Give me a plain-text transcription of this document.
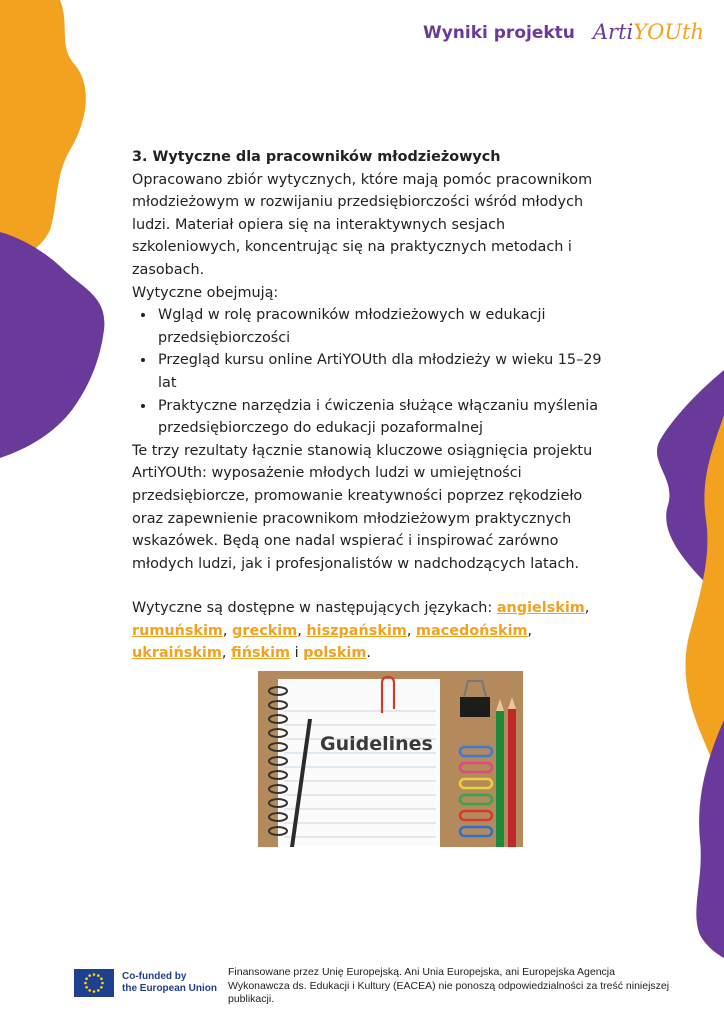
Wyniki projektu ArtiYOUth

3. Wytyczne dla pracowników młodzieżowych

Opracowano zbiór wytycznych, które mają pomóc pracownikom młodzieżowym w rozwijaniu przedsiębiorczości wśród młodych ludzi. Materiał opiera się na interaktywnych sesjach szkoleniowych, koncentrując się na praktycznych metodach i zasobach.

Wytyczne obejmują:

• Wgląd w rolę pracowników młodzieżowych w edukacji przedsiębiorczości
• Przegląd kursu online ArtiYOUth dla młodzieży w wieku 15–29 lat
• Praktyczne narzędzia i ćwiczenia służące włączaniu myślenia przedsiębiorczego do edukacji pozaformalnej

Te trzy rezultaty łącznie stanowią kluczowe osiągnięcia projektu ArtiYOUth: wyposażenie młodych ludzi w umiejętności przedsiębiorcze, promowanie kreatywności poprzez rękodzieło oraz zapewnienie pracownikom młodzieżowym praktycznych wskazówek. Będą one nadal wspierać i inspirować zarówno młodych ludzi, jak i profesjonalistów w nadchodzących latach.

Wytyczne są dostępne w następujących językach: angielskim, rumuńskim, greckim, hiszpańskim, macedońskim, ukraińskim, fińskim i polskim.

Guidelines
Co-funded by
the European Union
Finansowane przez Unię Europejską. Ani Unia Europejska, ani Europejska Agencja Wykonawcza ds. Edukacji i Kultury (EACEA) nie ponoszą odpowiedzialności za treść niniejszej publikacji.
